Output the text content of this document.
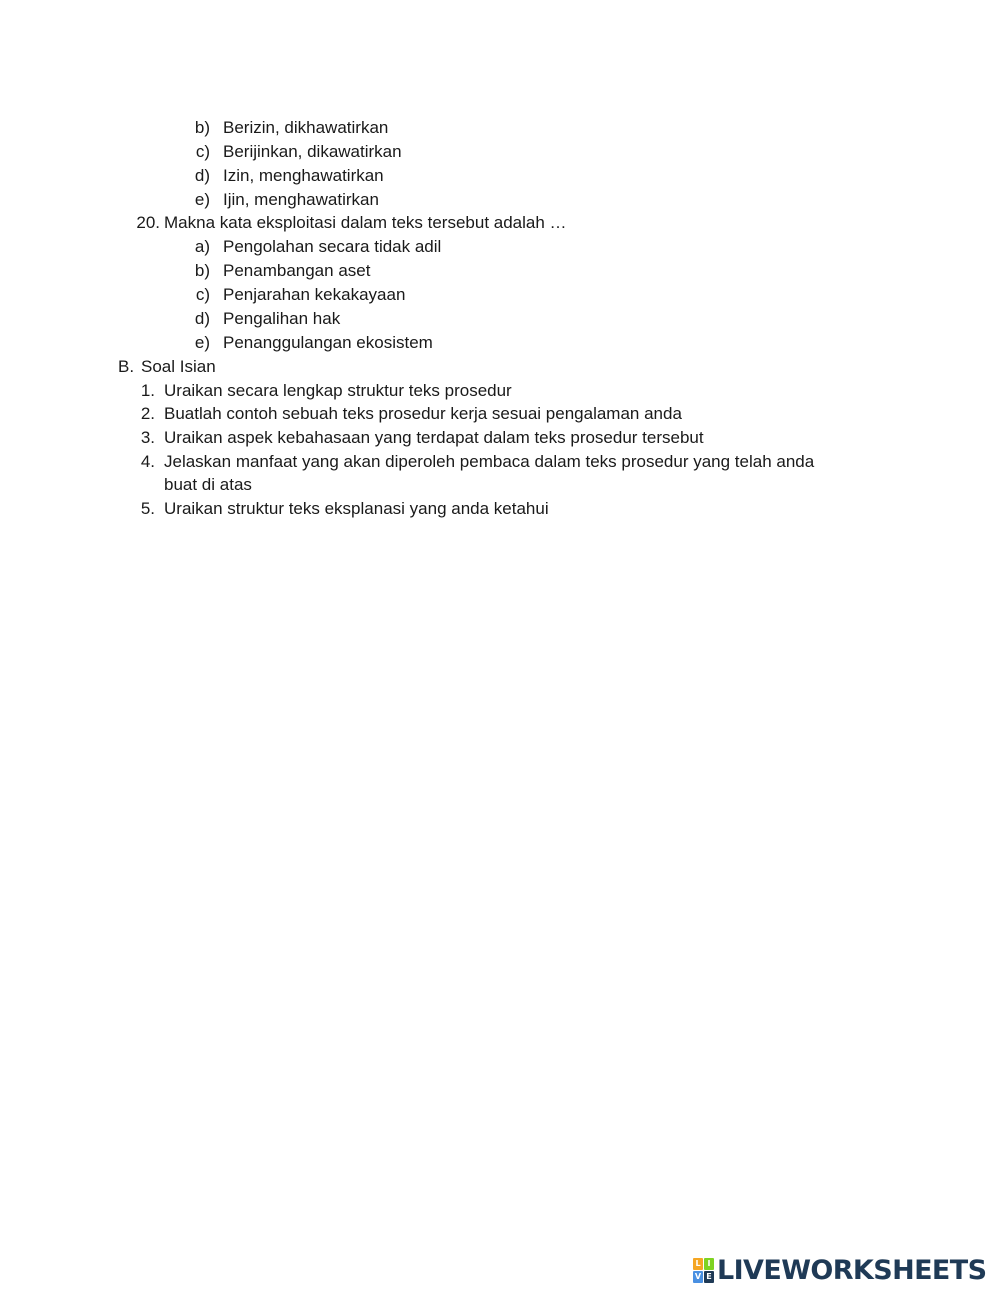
b) Berizin, dikhawatirkan
c) Berijinkan, dikawatirkan
d) Izin, menghawatirkan
e) Ijin, menghawatirkan
20. Makna kata eksploitasi dalam teks tersebut adalah …
a) Pengolahan secara tidak adil
b) Penambangan aset
c) Penjarahan kekakayaan
d) Pengalihan hak
e) Penanggulangan ekosistem
B. Soal Isian
1. Uraikan secara lengkap struktur teks prosedur
2. Buatlah contoh sebuah teks prosedur kerja sesuai pengalaman anda
3. Uraikan aspek kebahasaan yang terdapat dalam teks prosedur tersebut
4. Jelaskan manfaat yang akan diperoleh pembaca dalam teks prosedur yang telah anda
buat di atas
5. Uraikan struktur teks eksplanasi yang anda ketahui
L I
V E LIVEWORKSHEETS
